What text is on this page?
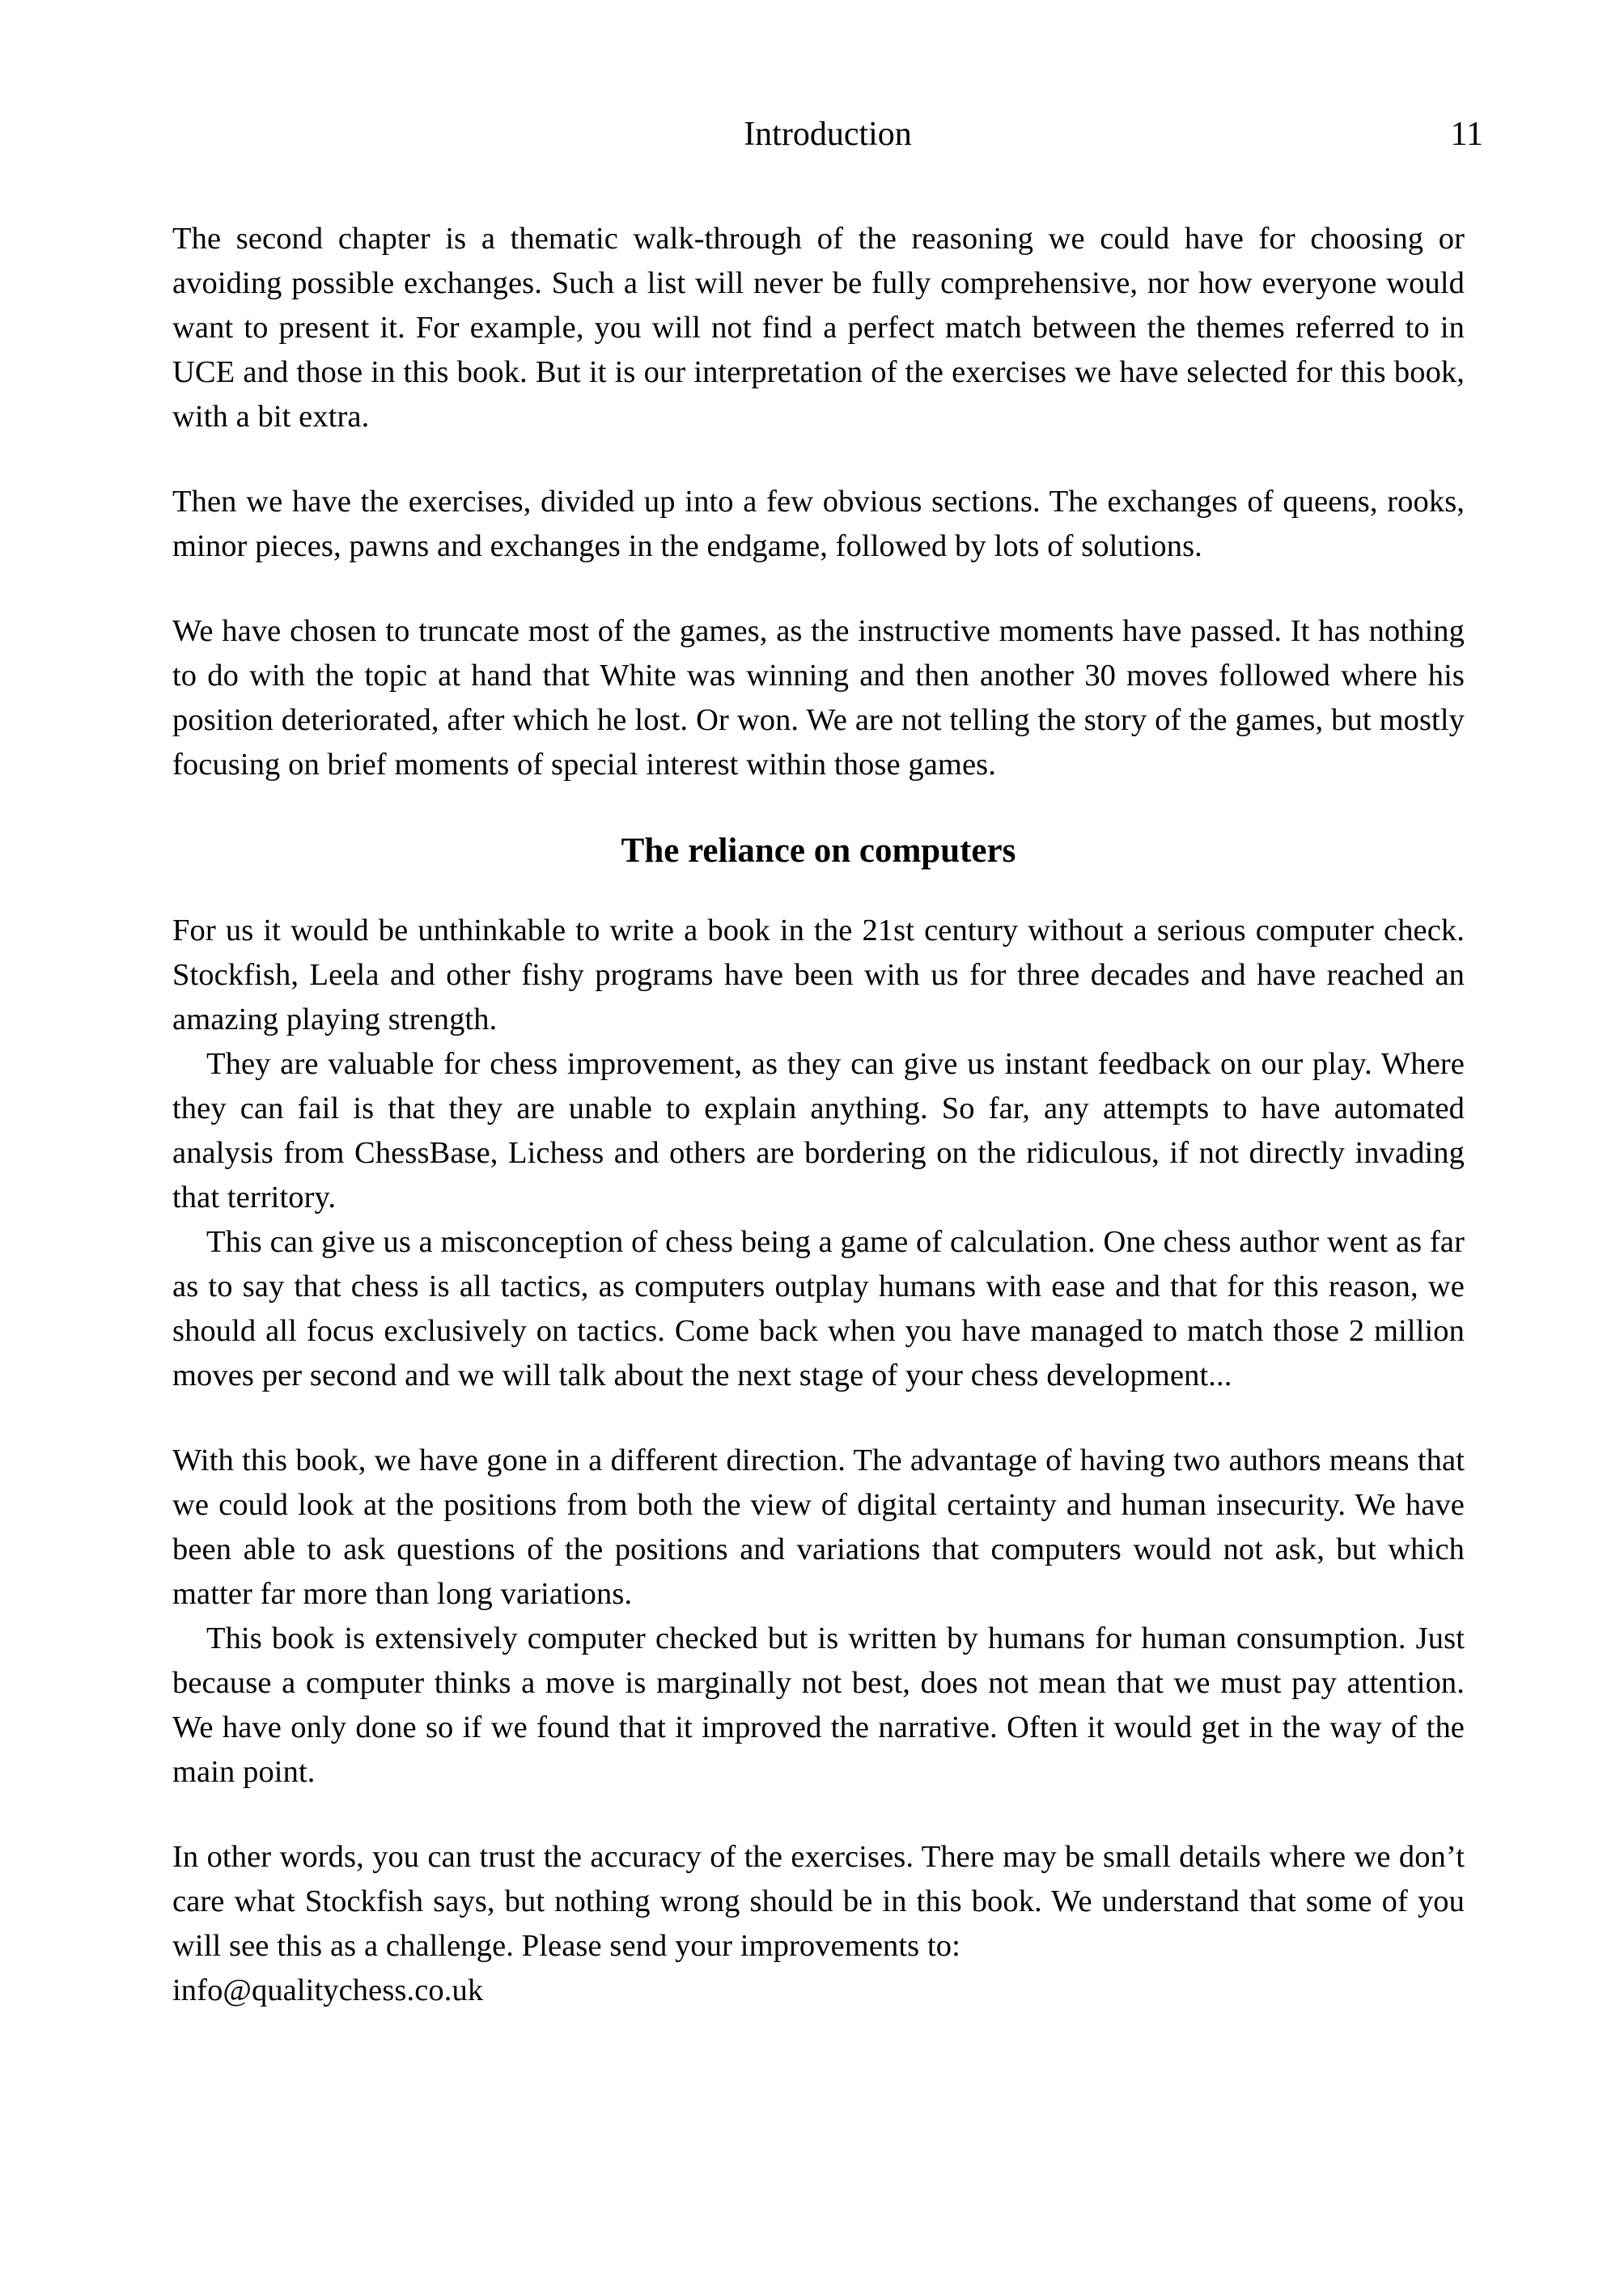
Introduction	11

The second chapter is a thematic walk-through of the reasoning we could have for choosing or avoiding possible exchanges. Such a list will never be fully comprehensive, nor how everyone would want to present it. For example, you will not find a perfect match between the themes referred to in UCE and those in this book. But it is our interpretation of the exercises we have selected for this book, with a bit extra.

Then we have the exercises, divided up into a few obvious sections. The exchanges of queens, rooks, minor pieces, pawns and exchanges in the endgame, followed by lots of solutions.

We have chosen to truncate most of the games, as the instructive moments have passed. It has nothing to do with the topic at hand that White was winning and then another 30 moves followed where his position deteriorated, after which he lost. Or won. We are not telling the story of the games, but mostly focusing on brief moments of special interest within those games.

The reliance on computers

For us it would be unthinkable to write a book in the 21st century without a serious computer check. Stockfish, Leela and other fishy programs have been with us for three decades and have reached an amazing playing strength.

They are valuable for chess improvement, as they can give us instant feedback on our play. Where they can fail is that they are unable to explain anything. So far, any attempts to have automated analysis from ChessBase, Lichess and others are bordering on the ridiculous, if not directly invading that territory.

This can give us a misconception of chess being a game of calculation. One chess author went as far as to say that chess is all tactics, as computers outplay humans with ease and that for this reason, we should all focus exclusively on tactics. Come back when you have managed to match those 2 million moves per second and we will talk about the next stage of your chess development...

With this book, we have gone in a different direction. The advantage of having two authors means that we could look at the positions from both the view of digital certainty and human insecurity. We have been able to ask questions of the positions and variations that computers would not ask, but which matter far more than long variations.

This book is extensively computer checked but is written by humans for human consumption. Just because a computer thinks a move is marginally not best, does not mean that we must pay attention. We have only done so if we found that it improved the narrative. Often it would get in the way of the main point.

In other words, you can trust the accuracy of the exercises. There may be small details where we don’t care what Stockfish says, but nothing wrong should be in this book. We understand that some of you will see this as a challenge. Please send your improvements to:

info@qualitychess.co.uk
